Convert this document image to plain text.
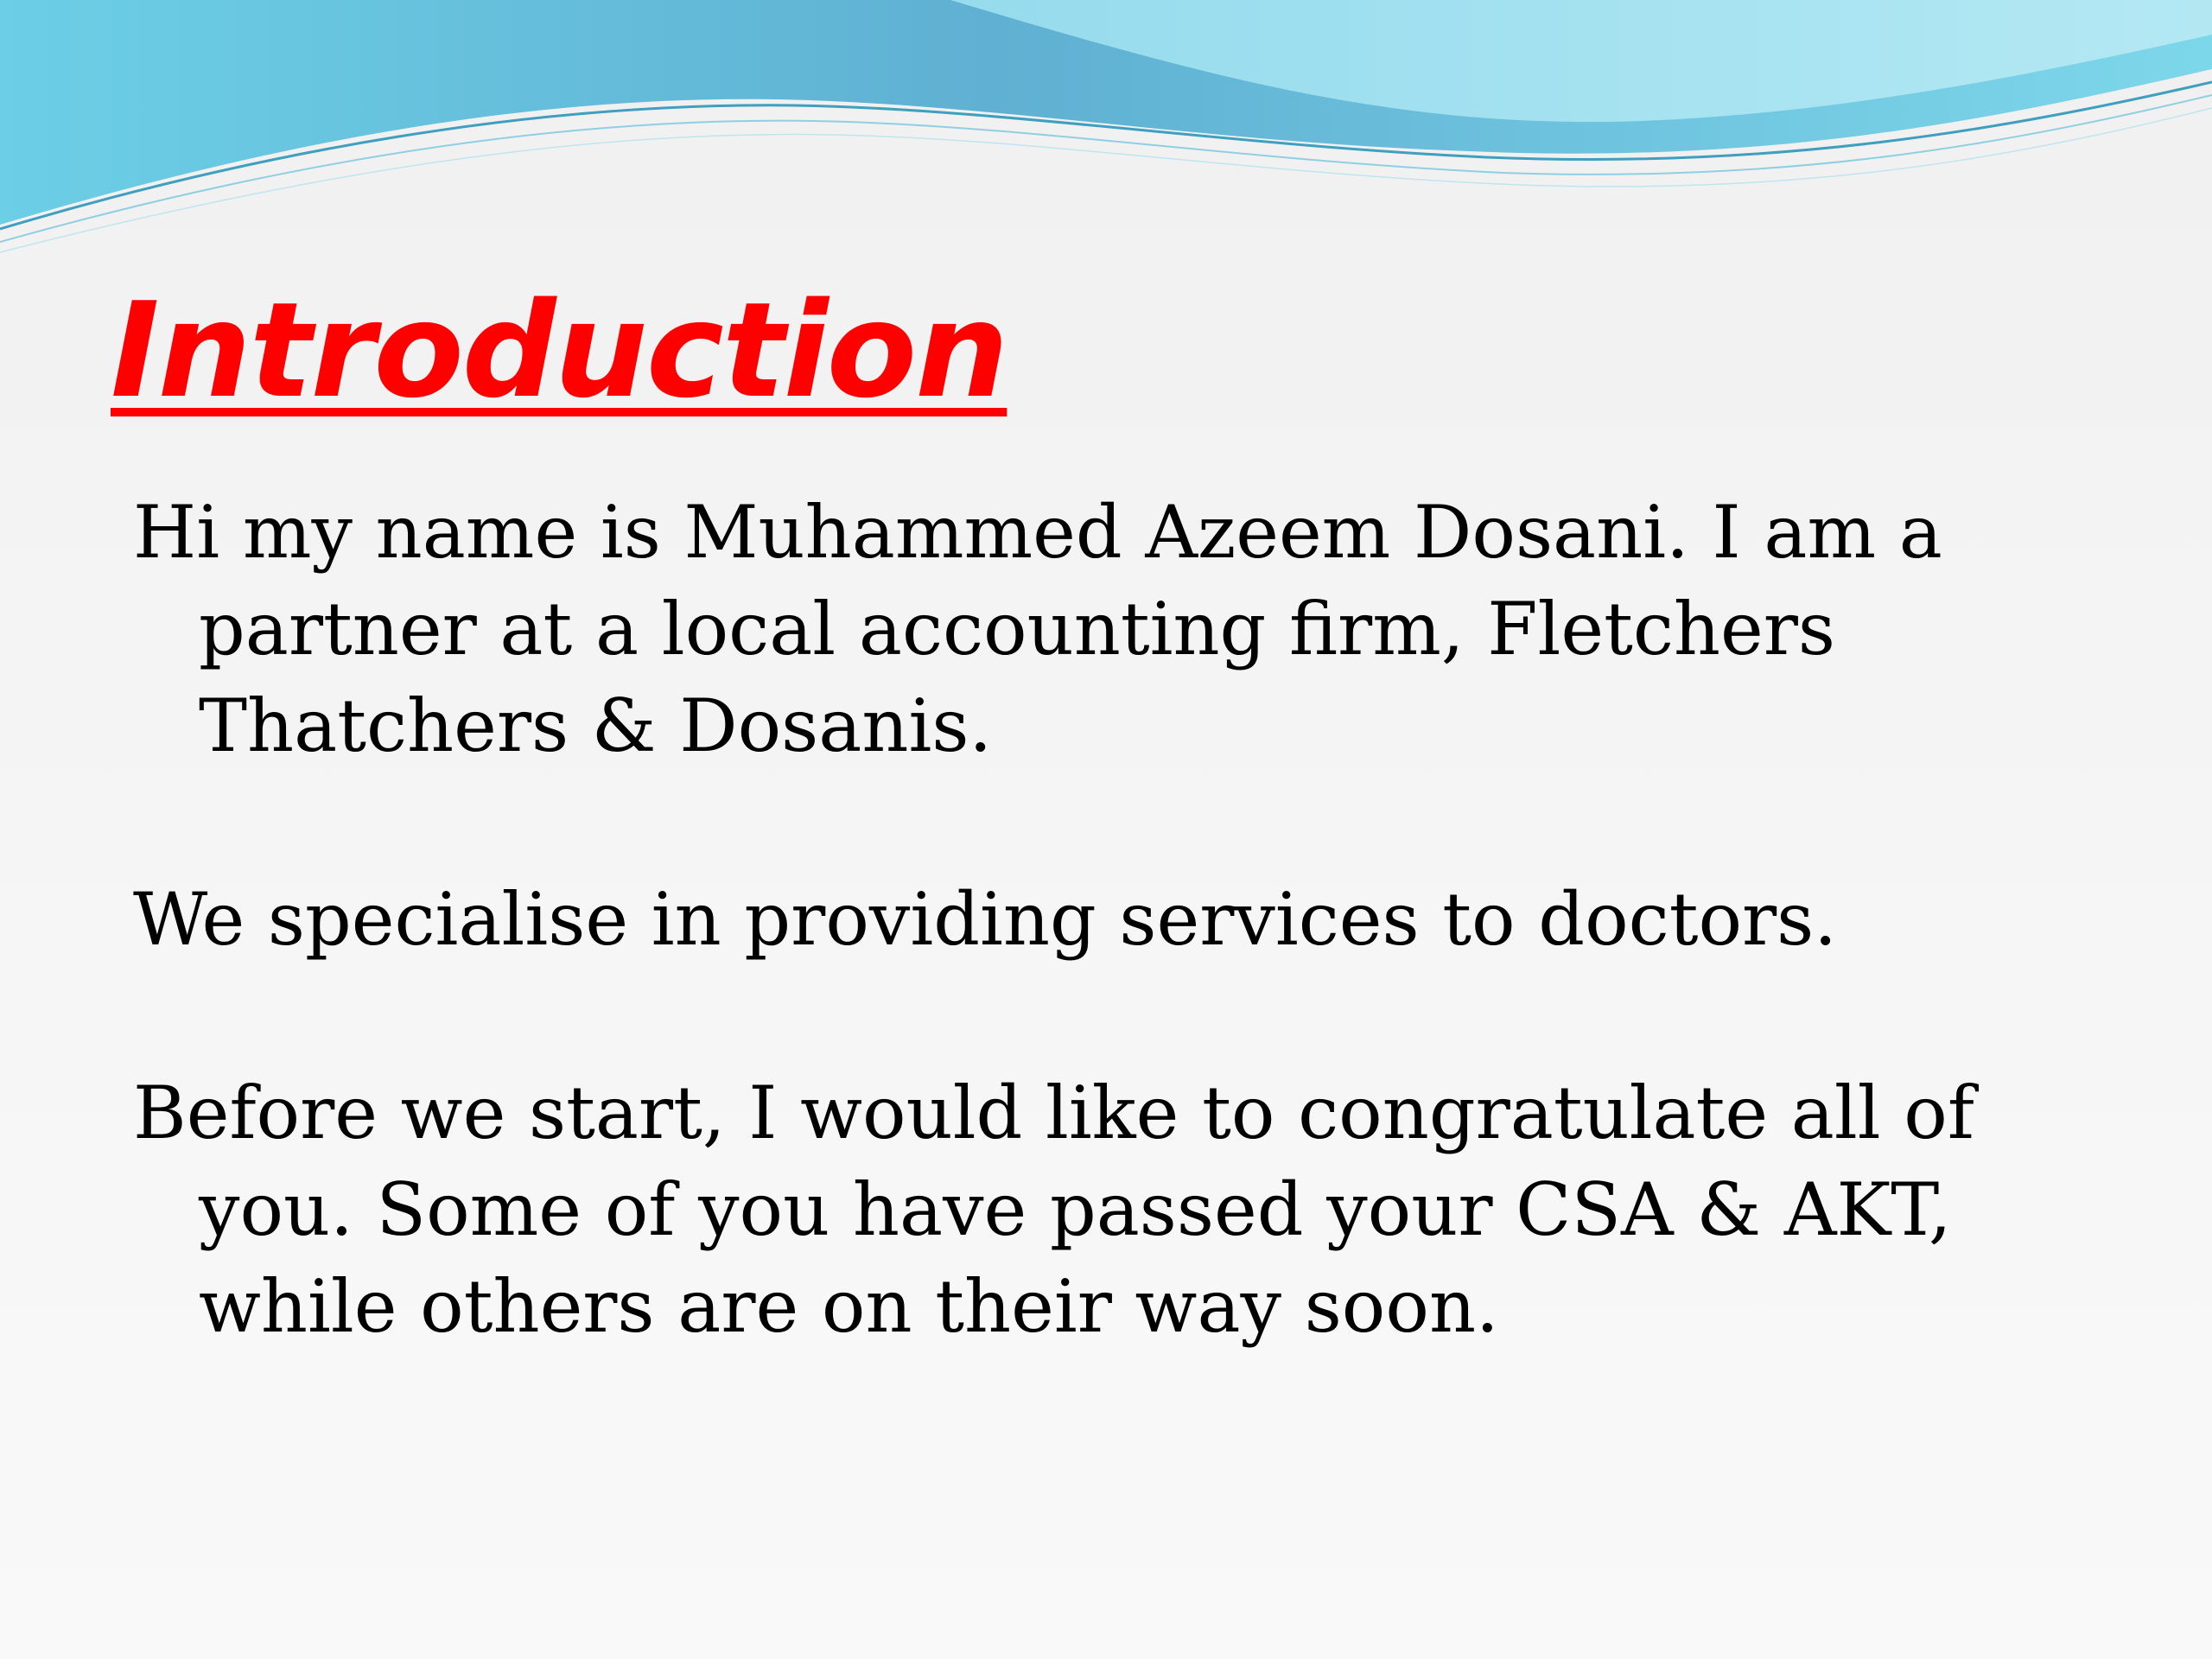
Introduction

Hi my name is Muhammed Azeem Dosani. I am a partner at a local accounting firm, Fletchers Thatchers & Dosanis.

We specialise in providing services to doctors.

Before we start, I would like to congratulate all of you. Some of you have passed your CSA & AKT, while others are on their way soon.
